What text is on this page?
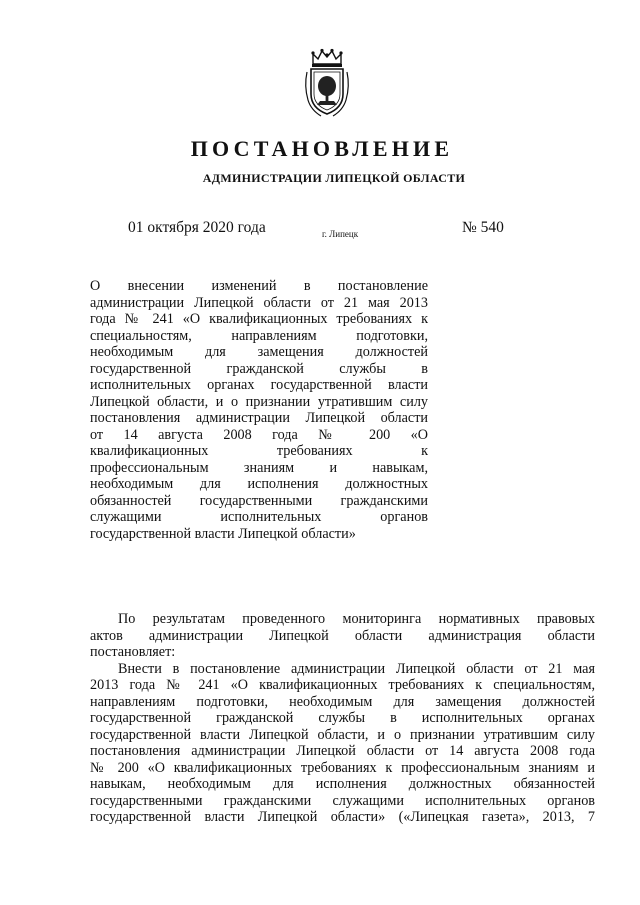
ПОСТАНОВЛЕНИЕ
АДМИНИСТРАЦИИ ЛИПЕЦКОЙ ОБЛАСТИ
01 октября 2020 года	г. Липецк	№ 540
О внесении изменений в постановление
администрации Липецкой области от 21 мая 2013
года № 241 «О квалификационных требованиях к
специальностям, направлениям подготовки,
необходимым для замещения должностей
государственной гражданской службы в
исполнительных органах государственной власти
Липецкой области, и о признании утратившим силу
постановления администрации Липецкой области
от 14 августа 2008 года № 200 «О
квалификационных требованиях к
профессиональным знаниям и навыкам,
необходимым для исполнения должностных
обязанностей государственными гражданскими
служащими исполнительных органов
государственной власти Липецкой области»
По результатам проведенного мониторинга нормативных правовых
актов администрации Липецкой области администрация области
постановляет:
Внести в постановление администрации Липецкой области от 21 мая
2013 года № 241 «О квалификационных требованиях к специальностям,
направлениям подготовки, необходимым для замещения должностей
государственной гражданской службы в исполнительных органах
государственной власти Липецкой области, и о признании утратившим силу
постановления администрации Липецкой области от 14 августа 2008 года
№ 200 «О квалификационных требованиях к профессиональным знаниям и
навыкам, необходимым для исполнения должностных обязанностей
государственными гражданскими служащими исполнительных органов
государственной власти Липецкой области» («Липецкая газета», 2013, 7
